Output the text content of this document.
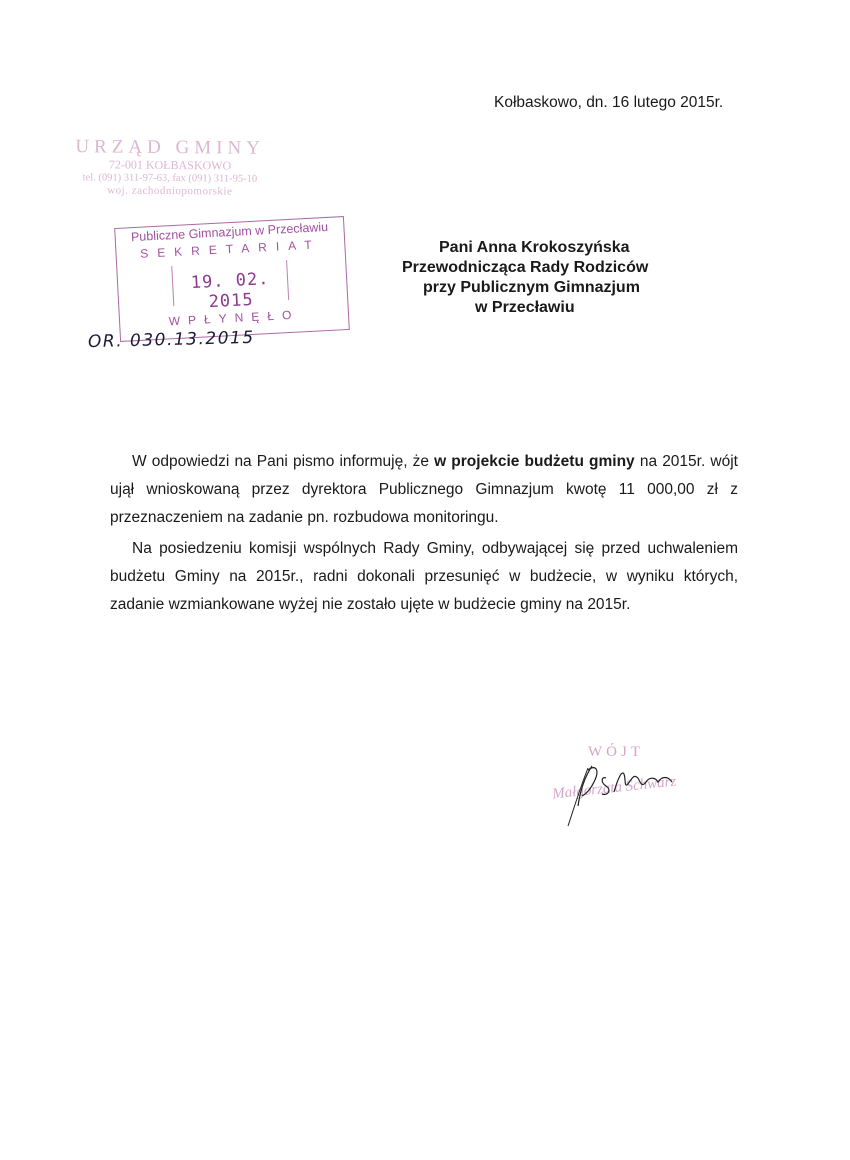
Kołbaskowo, dn. 16 lutego 2015r.
URZĄD GMINY
72-001 KOŁBASKOWO
tel. (091) 311-97-63, fax (091) 311-95-10
woj. zachodniopomorskie
Publiczne Gimnazjum w Przecławiu
SEKRETARIAT
19. 02. 2015
WPŁYNĘŁO
OR. 030.13.2015
Pani Anna Krokoszyńska
Przewodnicząca Rady Rodziców
przy Publicznym Gimnazjum
w Przecławiu

W odpowiedzi na Pani pismo informuję, że w projekcie budżetu gminy na 2015r. wójt ujął wnioskowaną przez dyrektora Publicznego Gimnazjum kwotę 11 000,00 zł z przeznaczeniem na zadanie pn. rozbudowa monitoringu.

Na posiedzeniu komisji wspólnych Rady Gminy, odbywającej się przed uchwaleniem budżetu Gminy na 2015r., radni dokonali przesunięć w budżecie, w wyniku których, zadanie wzmiankowane wyżej nie zostało ujęte w budżecie gminy na 2015r.

WÓJT
Małgorzata Schwarz
